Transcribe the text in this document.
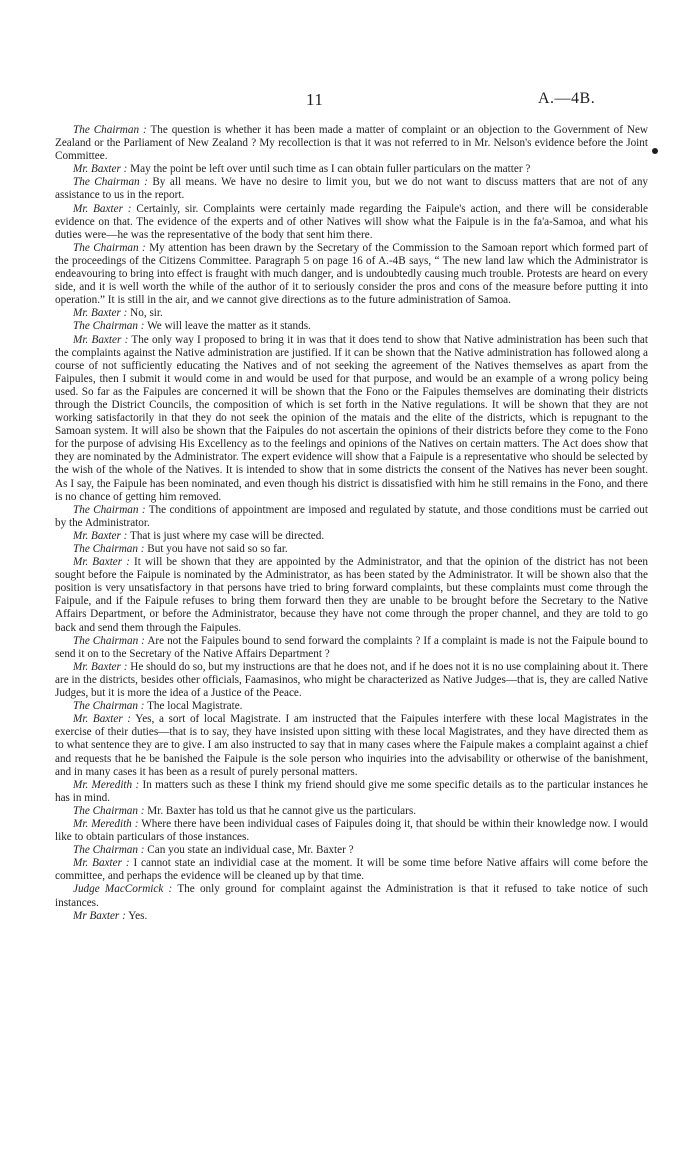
11	A.—4B.

The Chairman : The question is whether it has been made a matter of complaint or an objection to the Government of New Zealand or the Parliament of New Zealand ? My recollection is that it was not referred to in Mr. Nelson's evidence before the Joint Committee.

Mr. Baxter : May the point be left over until such time as I can obtain fuller particulars on the matter ?

The Chairman : By all means. We have no desire to limit you, but we do not want to discuss matters that are not of any assistance to us in the report.

Mr. Baxter : Certainly, sir. Complaints were certainly made regarding the Faipule's action, and there will be considerable evidence on that. The evidence of the experts and of other Natives will show what the Faipule is in the fa'a-Samoa, and what his duties were—he was the representative of the body that sent him there.

The Chairman : My attention has been drawn by the Secretary of the Commission to the Samoan report which formed part of the proceedings of the Citizens Committee. Paragraph 5 on page 16 of A.-4B says, “ The new land law which the Administrator is endeavouring to bring into effect is fraught with much danger, and is undoubtedly causing much trouble. Protests are heard on every side, and it is well worth the while of the author of it to seriously consider the pros and cons of the measure before putting it into operation.” It is still in the air, and we cannot give directions as to the future administration of Samoa.

Mr. Baxter : No, sir.

The Chairman : We will leave the matter as it stands.

Mr. Baxter : The only way I proposed to bring it in was that it does tend to show that Native administration has been such that the complaints against the Native administration are justified. If it can be shown that the Native administration has followed along a course of not sufficiently educating the Natives and of not seeking the agreement of the Natives themselves as apart from the Faipules, then I submit it would come in and would be used for that purpose, and would be an example of a wrong policy being used. So far as the Faipules are concerned it will be shown that the Fono or the Faipules themselves are dominating their districts through the District Councils, the composition of which is set forth in the Native regulations. It will be shown that they are not working satisfactorily in that they do not seek the opinion of the matais and the elite of the districts, which is repugnant to the Samoan system. It will also be shown that the Faipules do not ascertain the opinions of their districts before they come to the Fono for the purpose of advising His Excellency as to the feelings and opinions of the Natives on certain matters. The Act does show that they are nominated by the Administrator. The expert evidence will show that a Faipule is a representative who should be selected by the wish of the whole of the Natives. It is intended to show that in some districts the consent of the Natives has never been sought. As I say, the Faipule has been nominated, and even though his district is dissatisfied with him he still remains in the Fono, and there is no chance of getting him removed.

The Chairman : The conditions of appointment are imposed and regulated by statute, and those conditions must be carried out by the Administrator.

Mr. Baxter : That is just where my case will be directed.

The Chairman : But you have not said so so far.

Mr. Baxter : It will be shown that they are appointed by the Administrator, and that the opinion of the district has not been sought before the Faipule is nominated by the Administrator, as has been stated by the Administrator. It will be shown also that the position is very unsatisfactory in that persons have tried to bring forward complaints, but these complaints must come through the Faipule, and if the Faipule refuses to bring them forward then they are unable to be brought before the Secretary to the Native Affairs Department, or before the Administrator, because they have not come through the proper channel, and they are told to go back and send them through the Faipules.

The Chairman : Are not the Faipules bound to send forward the complaints ? If a complaint is made is not the Faipule bound to send it on to the Secretary of the Native Affairs Department ?

Mr. Baxter : He should do so, but my instructions are that he does not, and if he does not it is no use complaining about it. There are in the districts, besides other officials, Faamasinos, who might be characterized as Native Judges—that is, they are called Native Judges, but it is more the idea of a Justice of the Peace.

The Chairman : The local Magistrate.

Mr. Baxter : Yes, a sort of local Magistrate. I am instructed that the Faipules interfere with these local Magistrates in the exercise of their duties—that is to say, they have insisted upon sitting with these local Magistrates, and they have directed them as to what sentence they are to give. I am also instructed to say that in many cases where the Faipule makes a complaint against a chief and requests that he be banished the Faipule is the sole person who inquiries into the advisability or otherwise of the banishment, and in many cases it has been as a result of purely personal matters.

Mr. Meredith : In matters such as these I think my friend should give me some specific details as to the particular instances he has in mind.

The Chairman : Mr. Baxter has told us that he cannot give us the particulars.

Mr. Meredith : Where there have been individual cases of Faipules doing it, that should be within their knowledge now. I would like to obtain particulars of those instances.

The Chairman : Can you state an individual case, Mr. Baxter ?

Mr. Baxter : I cannot state an individial case at the moment. It will be some time before Native affairs will come before the committee, and perhaps the evidence will be cleaned up by that time.

Judge MacCormick : The only ground for complaint against the Administration is that it refused to take notice of such instances.

Mr Baxter : Yes.
